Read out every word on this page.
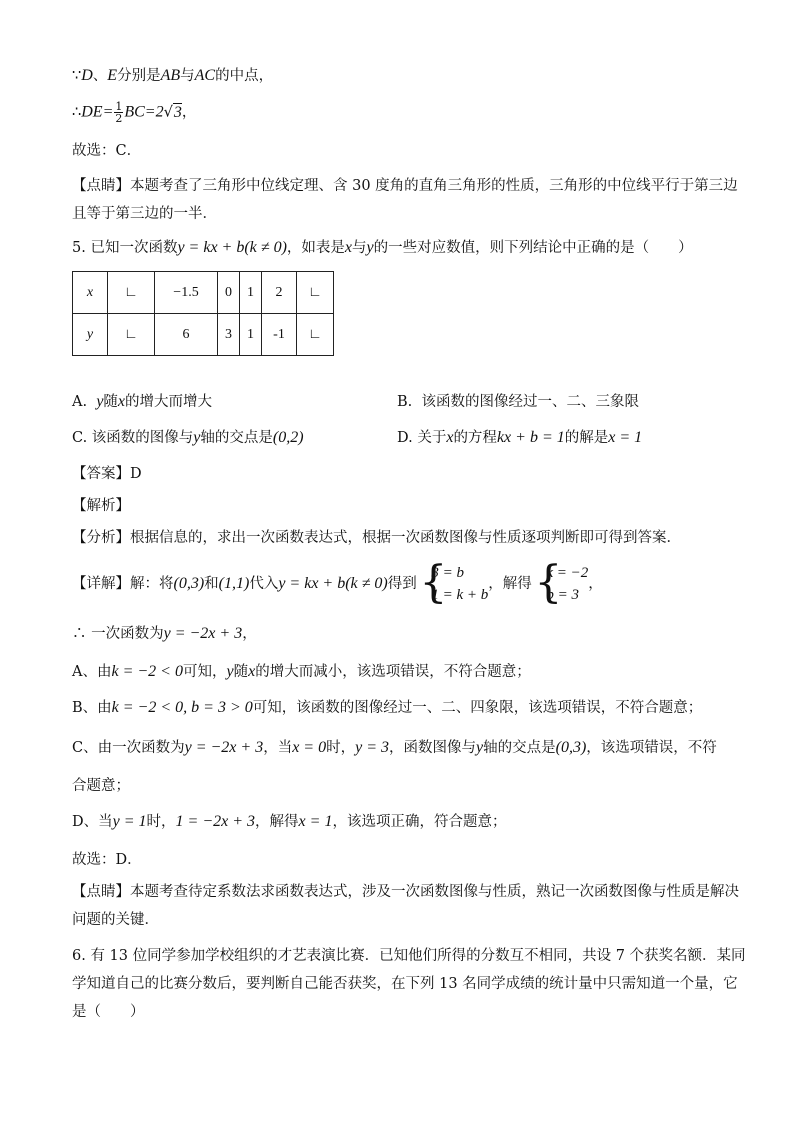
∵D、E分别是AB与AC的中点，
∴DE= $\frac{1}{2} BC=2√3$，
故选：C．
【点睛】本题考查了三角形中位线定理、含 30 度角的直角三角形的性质，三角形的中位线平行于第三边
且等于第三边的一半．
5. 已知一次函数y = kx + b(k ≠ 0)，如表是x与y的一些对应数值，则下列结论中正确的是（　　）
x	∟	−1.5	0	1	2	∟
y	∟	6	3	1	-1	∟
A. y随x的增大而增大	B. 该函数的图像经过一、二、三象限
C. 该函数的图像与y轴的交点是(0,2)	D. 关于x的方程kx + b = 1的解是x = 1
【答案】D
【解析】
【分析】根据信息的，求出一次函数表达式，根据一次函数图像与性质逐项判断即可得到答案．
【详解】解：将(0,3)和(1,1)代入y = kx + b(k ≠ 0)得到
{ 3 = b
1 = k + b
，解得
{ k = −2
b = 3
，
∴ 一次函数为y = −2x + 3，
A、由k = −2 < 0可知，y随x的增大而减小，该选项错误，不符合题意；
B、由k = −2 < 0, b = 3 > 0可知，该函数的图像经过一、二、四象限，该选项错误，不符合题意；
C、由一次函数为y = −2x + 3，当x = 0时，y = 3，函数图像与y轴的交点是(0,3)，该选项错误，不符
合题意；
D、当y = 1时，1 = −2x + 3，解得x = 1，该选项正确，符合题意；
故选：D．
【点睛】本题考查待定系数法求函数表达式，涉及一次函数图像与性质，熟记一次函数图像与性质是解决
问题的关键．
6. 有 13 位同学参加学校组织的才艺表演比赛．已知他们所得的分数互不相同，共设 7 个获奖名额．某同
学知道自己的比赛分数后，要判断自己能否获奖，在下列 13 名同学成绩的统计量中只需知道一个量，它
是（　　）
